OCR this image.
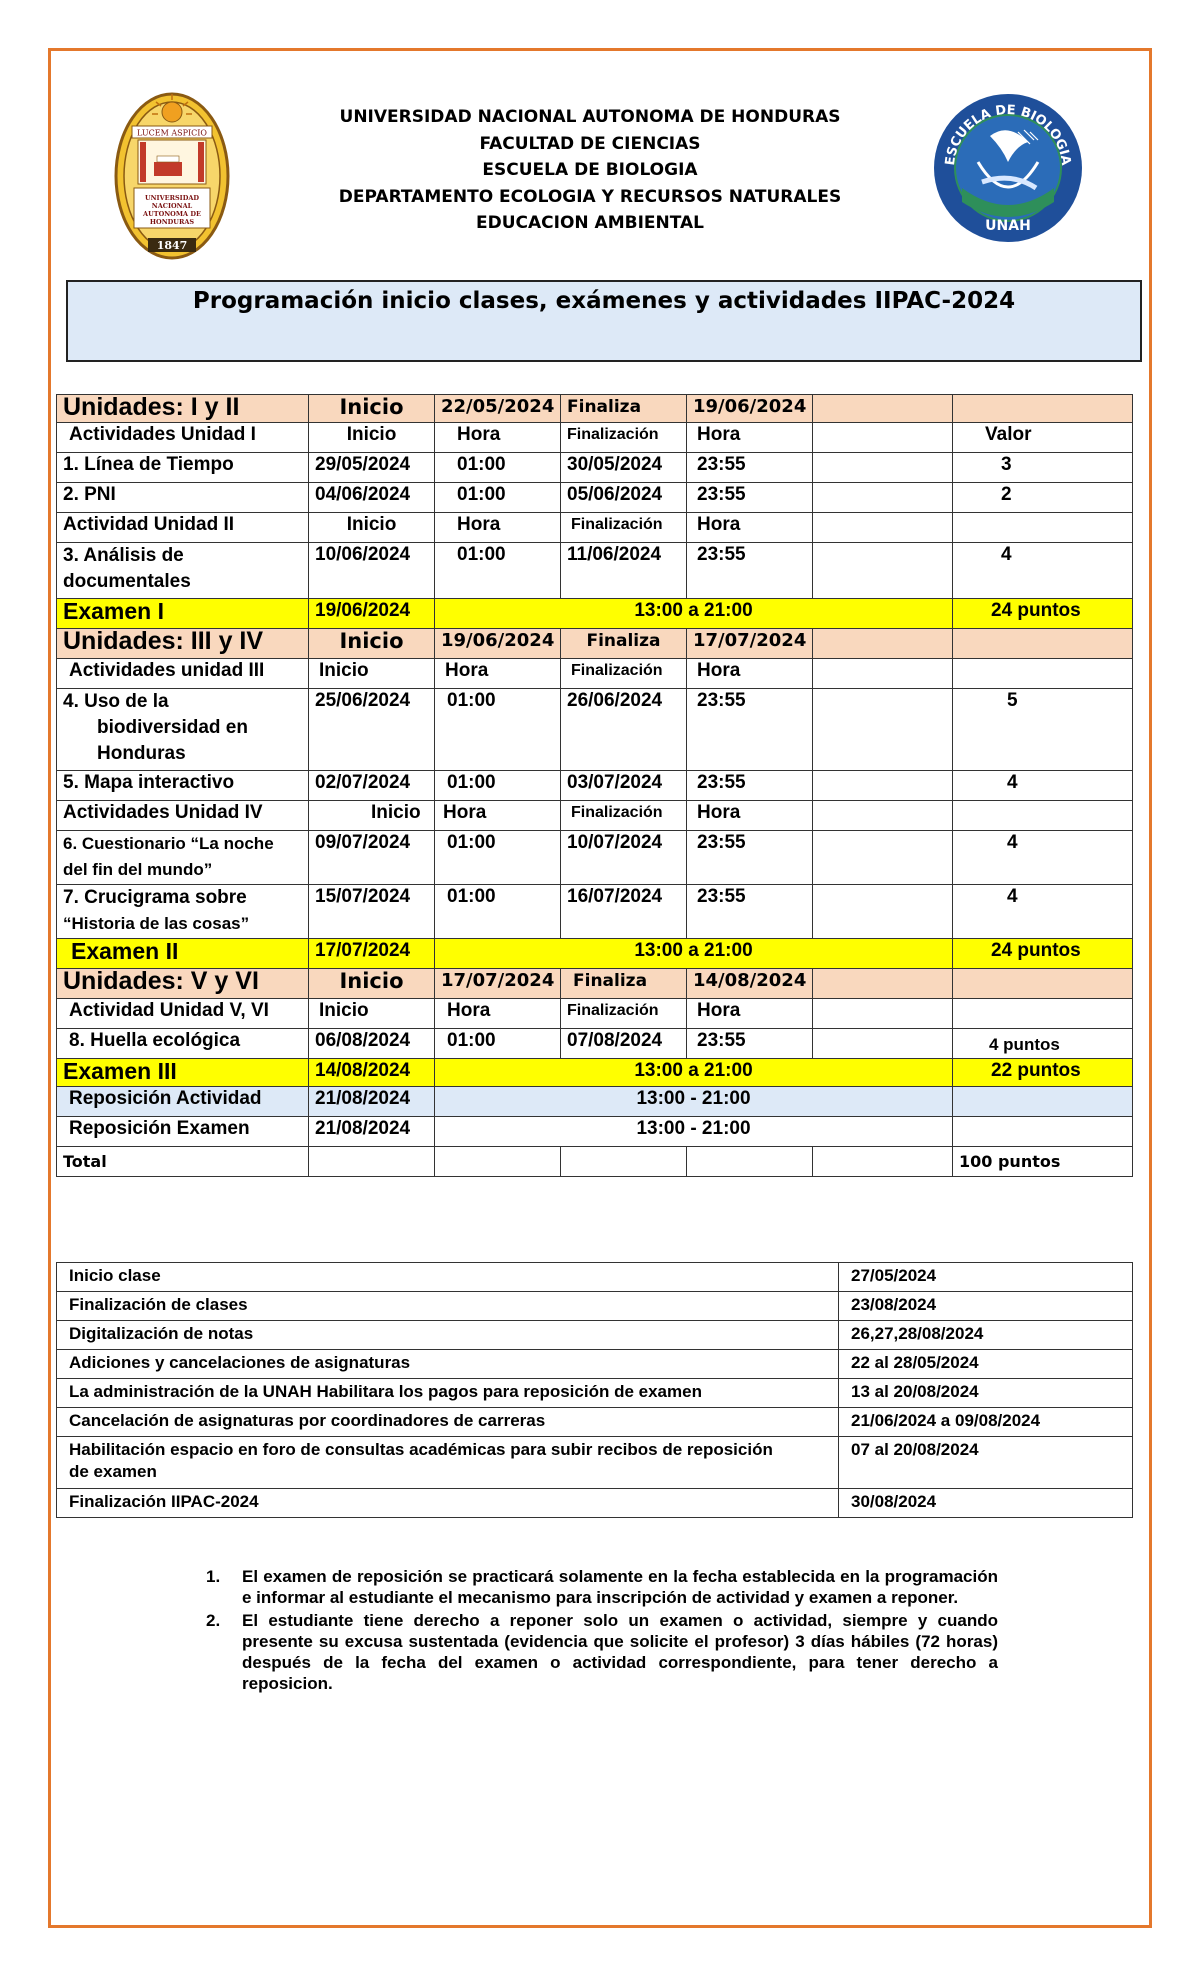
LUCEM ASPICIO
UNIVERSIDAD NACIONAL AUTONOMA DE HONDURAS
1847
ESCUELA DE BIOLOGIA
UNAH
UNIVERSIDAD NACIONAL AUTONOMA DE HONDURAS
FACULTAD DE CIENCIAS
ESCUELA DE BIOLOGIA
DEPARTAMENTO ECOLOGIA Y RECURSOS NATURALES
EDUCACION AMBIENTAL
Programación inicio clases, exámenes y actividades IIPAC-2024
Unidades: I y II	Inicio	22/05/2024	Finaliza	19/06/2024		
Actividades Unidad I	Inicio	Hora	Finalización	Hora		Valor
1. Línea de Tiempo	29/05/2024	01:00	30/05/2024	23:55		3
2. PNI	04/06/2024	01:00	05/06/2024	23:55		2
Actividad Unidad II	Inicio	Hora	Finalización	Hora		
3. Análisis de documentales	10/06/2024	01:00	11/06/2024	23:55		4
Examen I	19/06/2024	13:00 a 21:00				24 puntos
Unidades: III y IV	Inicio	19/06/2024	Finaliza	17/07/2024		
Actividades unidad III	Inicio	Hora	Finalización	Hora		

4. Uso de la
biodiversidad en Honduras	25/06/2024	01:00	26/06/2024	23:55		5
5. Mapa interactivo	02/07/2024	01:00	03/07/2024	23:55		4
Actividades Unidad IV	Inicio	Hora	Finalización	Hora		
6. Cuestionario “La noche del fin del mundo”	09/07/2024	01:00	10/07/2024	23:55		4

7. Crucigrama sobre
“Historia de las cosas”	15/07/2024	01:00	16/07/2024	23:55		4
Examen II	17/07/2024	13:00 a 21:00				24 puntos
Unidades: V y VI	Inicio	17/07/2024	Finaliza	14/08/2024		
Actividad Unidad V, VI	Inicio	Hora	Finalización	Hora		
8. Huella ecológica	06/08/2024	01:00	07/08/2024	23:55		4 puntos
Examen III	14/08/2024	13:00 a 21:00				22 puntos
Reposición Actividad	21/08/2024	13:00 - 21:00				
Reposición Examen	21/08/2024	13:00 - 21:00				
Total						100 puntos
Inicio clase	27/05/2024
Finalización de clases	23/08/2024
Digitalización de notas	26,27,28/08/2024
Adiciones y cancelaciones de asignaturas	22 al 28/05/2024
La administración de la UNAH Habilitara los pagos para reposición de examen	13 al 20/08/2024
Cancelación de asignaturas por coordinadores de carreras	21/06/2024 a 09/08/2024
Habilitación espacio en foro de consultas académicas para subir recibos de reposición de examen	07 al 20/08/2024
Finalización IIPAC-2024	30/08/2024
1.	El examen de reposición se practicará solamente en la fecha establecida en la programación e informar al estudiante el mecanismo para inscripción de actividad y examen a reponer.
2.	El estudiante tiene derecho a reponer solo un examen o actividad, siempre y cuando presente su excusa sustentada (evidencia que solicite el profesor) 3 días hábiles (72 horas) después de la fecha del examen o actividad correspondiente, para tener derecho a reposicion.
